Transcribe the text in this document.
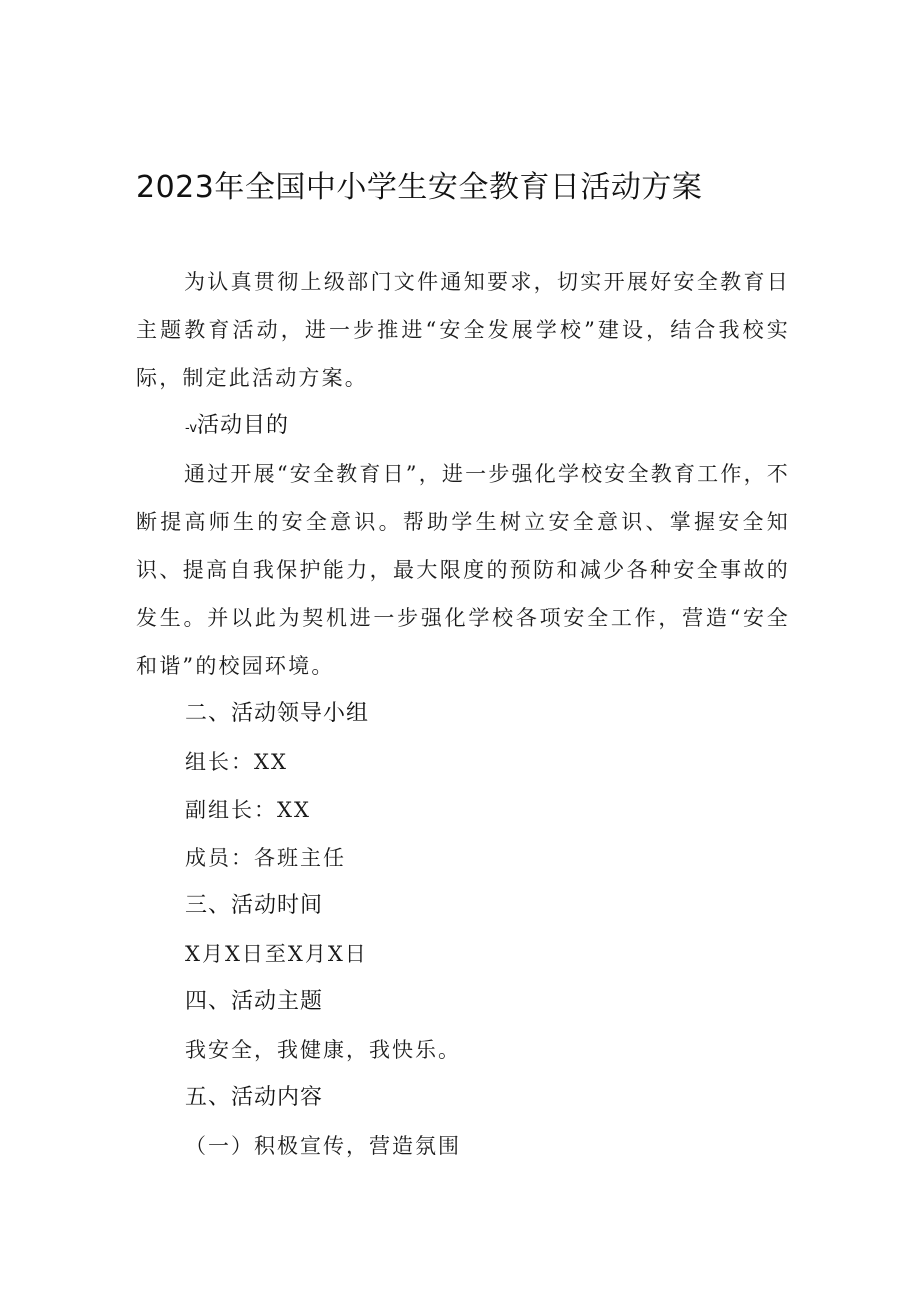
2023年全国中小学生安全教育日活动方案

为认真贯彻上级部门文件通知要求，切实开展好安全教育日主题教育活动，进一步推进“安全发展学校”建设，结合我校实际，制定此活动方案。

-v活动目的

通过开展“安全教育日”，进一步强化学校安全教育工作，不断提高师生的安全意识。帮助学生树立安全意识、掌握安全知识、提高自我保护能力，最大限度的预防和减少各种安全事故的发生。并以此为契机进一步强化学校各项安全工作，营造“安全和谐”的校园环境。

二、活动领导小组

组长：XX

副组长：XX

成员：各班主任

三、活动时间

X月X日至X月X日

四、活动主题

我安全，我健康，我快乐。

五、活动内容

（一）积极宣传，营造氛围
